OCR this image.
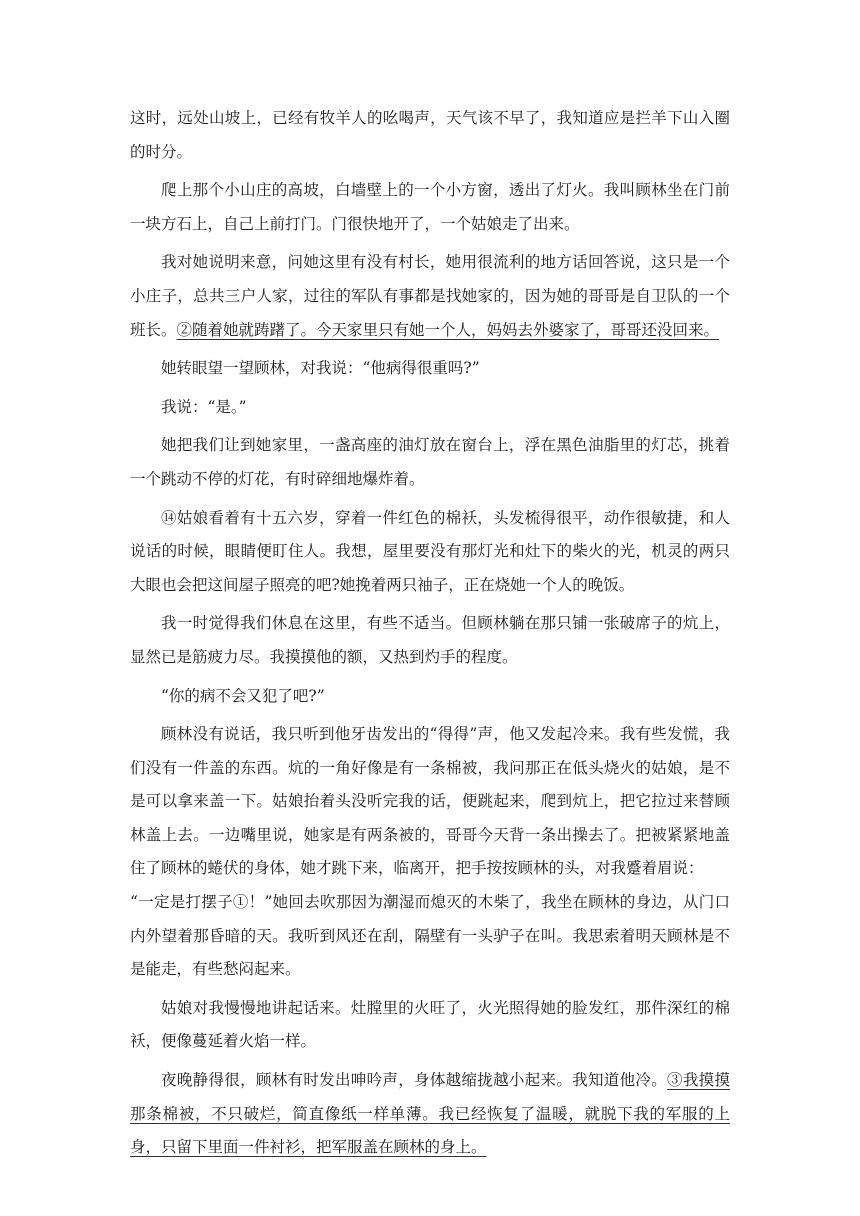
这时，远处山坡上，已经有牧羊人的吆喝声，天气该不早了，我知道应是拦羊下山入圈的时分。

爬上那个小山庄的高坡，白墙壁上的一个小方窗，透出了灯火。我叫顾林坐在门前一块方石上，自己上前打门。门很快地开了，一个姑娘走了出来。

我对她说明来意，问她这里有没有村长，她用很流利的地方话回答说，这只是一个小庄子，总共三户人家，过往的军队有事都是找她家的，因为她的哥哥是自卫队的一个班长。②随着她就踌躇了。今天家里只有她一个人，妈妈去外婆家了，哥哥还没回来。

她转眼望一望顾林，对我说：“他病得很重吗?”

我说：“是。”

她把我们让到她家里，一盏高座的油灯放在窗台上，浮在黑色油脂里的灯芯，挑着一个跳动不停的灯花，有时碎细地爆炸着。

⑭姑娘看着有十五六岁，穿着一件红色的棉袄，头发梳得很平，动作很敏捷，和人说话的时候，眼睛便盯住人。我想，屋里要没有那灯光和灶下的柴火的光，机灵的两只大眼也会把这间屋子照亮的吧?她挽着两只袖子，正在烧她一个人的晚饭。

我一时觉得我们休息在这里，有些不适当。但顾林躺在那只铺一张破席子的炕上，显然已是筋疲力尽。我摸摸他的额，又热到灼手的程度。

“你的病不会又犯了吧?”

顾林没有说话，我只听到他牙齿发出的“得得”声，他又发起冷来。我有些发慌，我们没有一件盖的东西。炕的一角好像是有一条棉被，我问那正在低头烧火的姑娘，是不是可以拿来盖一下。姑娘抬着头没听完我的话，便跳起来，爬到炕上，把它拉过来替顾林盖上去。一边嘴里说，她家是有两条被的，哥哥今天背一条出操去了。把被紧紧地盖住了顾林的蜷伏的身体，她才跳下来，临离开，把手按按顾林的头，对我蹙着眉说：

“一定是打摆子①！”她回去吹那因为潮湿而熄灭的木柴了，我坐在顾林的身边，从门口内外望着那昏暗的天。我听到风还在刮，隔壁有一头驴子在叫。我思索着明天顾林是不是能走，有些愁闷起来。

姑娘对我慢慢地讲起话来。灶膛里的火旺了，火光照得她的脸发红，那件深红的棉袄，便像蔓延着火焰一样。

夜晚静得很，顾林有时发出呻吟声，身体越缩拢越小起来。我知道他冷。③我摸摸那条棉被，不只破烂，简直像纸一样单薄。我已经恢复了温暖，就脱下我的军服的上身，只留下里面一件衬衫，把军服盖在顾林的身上。
